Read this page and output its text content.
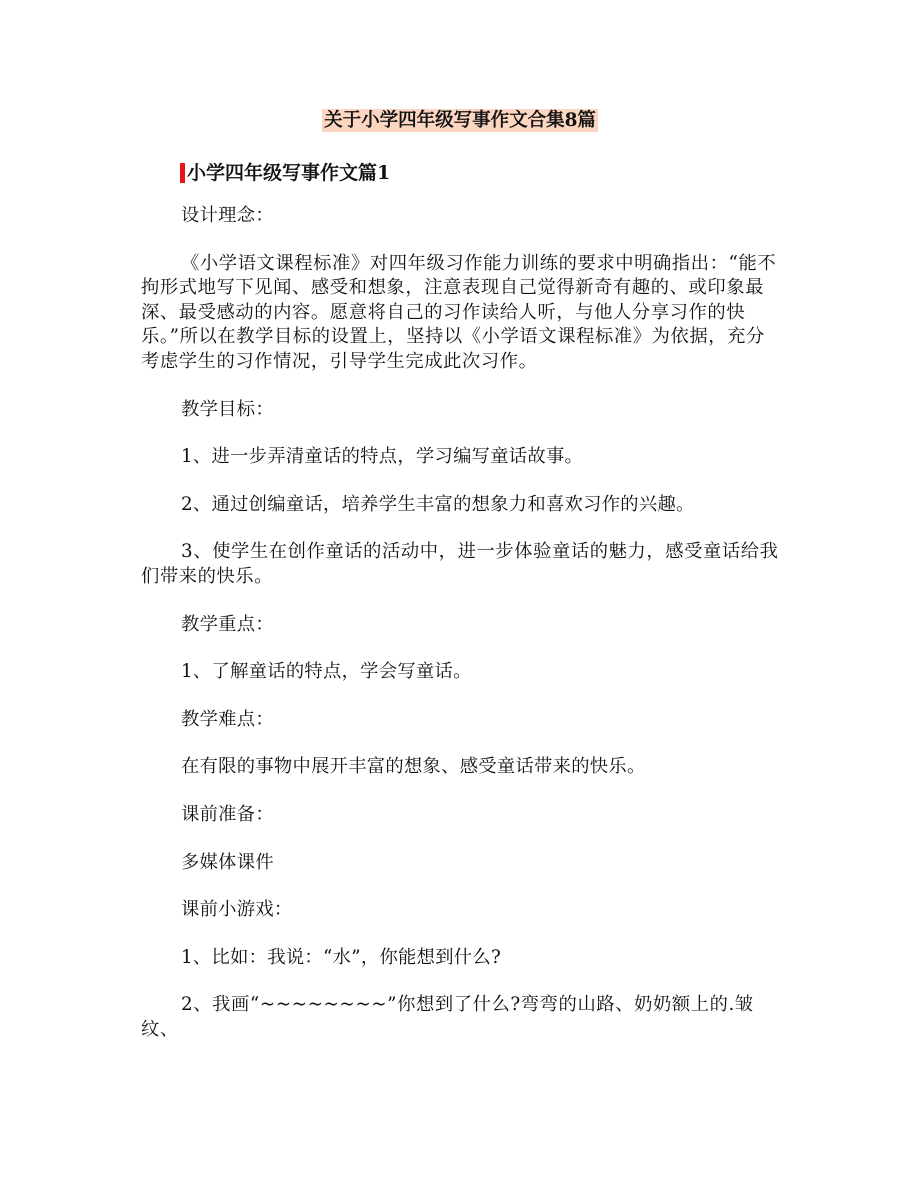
关于小学四年级写事作文合集8篇
小学四年级写事作文篇1

设计理念：

《小学语文课程标准》对四年级习作能力训练的要求中明确指出：“能不拘形式地写下见闻、感受和想象，注意表现自己觉得新奇有趣的、或印象最深、最受感动的内容。愿意将自己的习作读给人听，与他人分享习作的快乐。”所以在教学目标的设置上，坚持以《小学语文课程标准》为依据，充分考虑学生的习作情况，引导学生完成此次习作。

教学目标：

1、进一步弄清童话的特点，学习编写童话故事。

2、通过创编童话，培养学生丰富的想象力和喜欢习作的兴趣。

3、使学生在创作童话的活动中，进一步体验童话的魅力，感受童话给我们带来的快乐。

教学重点：

1、了解童话的特点，学会写童话。

教学难点：

在有限的事物中展开丰富的想象、感受童话带来的快乐。

课前准备：

多媒体课件

课前小游戏：

1、比如：我说：“水”，你能想到什么?

2、我画“~~~~~~~~”你想到了什么?弯弯的山路、奶奶额上的.皱纹、
